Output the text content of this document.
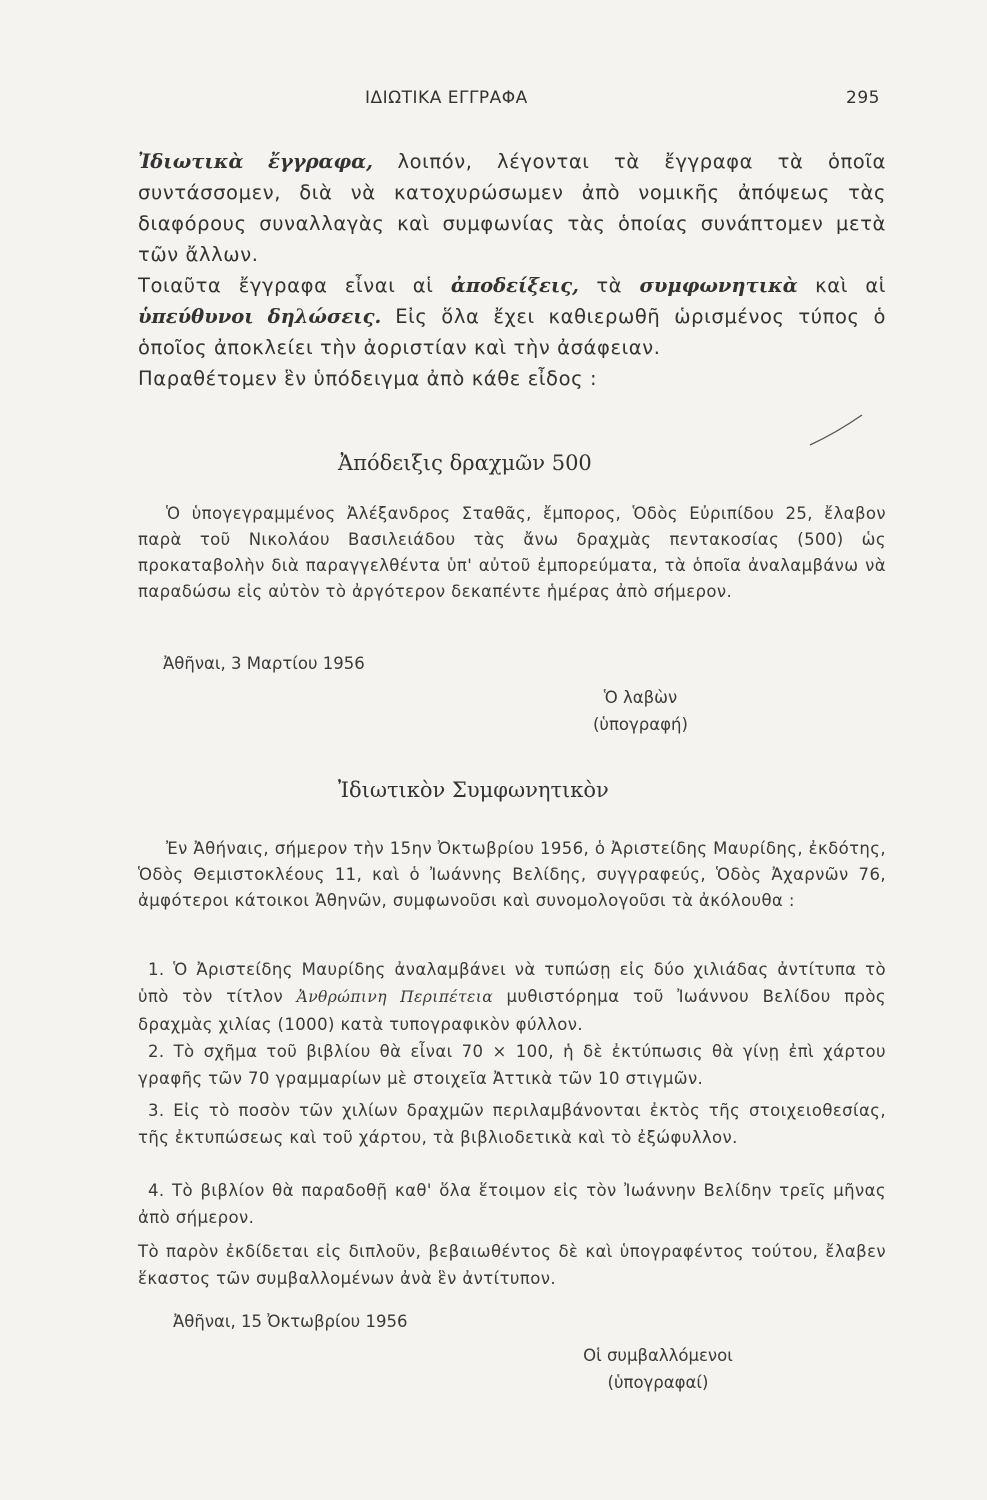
ΙΔΙΩΤΙΚΑ ΕΓΓΡΑΦΑ	295

Ἰδιωτικὰ ἔγγραφα, λοιπόν, λέγονται τὰ ἔγγραφα τὰ ὁποῖα συντάσσομεν, διὰ νὰ κατοχυρώσωμεν ἀπὸ νομικῆς ἀπόψεως τὰς διαφόρους συναλλαγὰς καὶ συμφωνίας τὰς ὁποίας συνάπτομεν μετὰ τῶν ἄλλων.

Τοιαῦτα ἔγγραφα εἶναι αἱ ἀποδείξεις, τὰ συμφωνητικὰ καὶ αἱ ὑπεύθυνοι δηλώσεις. Εἰς ὅλα ἔχει καθιερωθῆ ὡρισμένος τύπος ὁ ὁποῖος ἀποκλείει τὴν ἀοριστίαν καὶ τὴν ἀσάφειαν.

Παραθέτομεν ἓν ὑπόδειγμα ἀπὸ κάθε εἶδος :

Ἀπόδειξις δραχμῶν 500

Ὁ ὑπογεγραμμένος Ἀλέξανδρος Σταθᾶς, ἔμπορος, Ὁδὸς Εὐριπίδου 25, ἔλαβον παρὰ τοῦ Νικολάου Βασιλειάδου τὰς ἄνω δραχμὰς πεντακοσίας (500) ὡς προκαταβολὴν διὰ παραγγελθέντα ὑπ' αὐτοῦ ἐμπορεύματα, τὰ ὁποῖα ἀναλαμβάνω νὰ παραδώσω εἰς αὐτὸν τὸ ἀργότερον δεκαπέντε ἡμέρας ἀπὸ σήμερον.

Ἀθῆναι, 3 Μαρτίου 1956
Ὁ λαβὼν
(ὑπογραφή)
Ἰδιωτικὸν Συμφωνητικὸν

Ἐν Ἀθήναις, σήμερον τὴν 15ην Ὀκτωβρίου 1956, ὁ Ἀριστείδης Μαυρίδης, ἐκδότης, Ὁδὸς Θεμιστοκλέους 11, καὶ ὁ Ἰωάννης Βελίδης, συγγραφεύς, Ὁδὸς Ἀχαρνῶν 76, ἀμφότεροι κάτοικοι Ἀθηνῶν, συμφωνοῦσι καὶ συνομολογοῦσι τὰ ἀκόλουθα :

1. Ὁ Ἀριστείδης Μαυρίδης ἀναλαμβάνει νὰ τυπώσῃ εἰς δύο χιλιάδας ἀντίτυπα τὸ ὑπὸ τὸν τίτλον Ἀνθρώπινη Περιπέτεια μυθιστόρημα τοῦ Ἰωάννου Βελίδου πρὸς δραχμὰς χιλίας (1000) κατὰ τυπογραφικὸν φύλλον.

2. Τὸ σχῆμα τοῦ βιβλίου θὰ εἶναι 70 × 100, ἡ δὲ ἐκτύπωσις θὰ γίνῃ ἐπὶ χάρτου γραφῆς τῶν 70 γραμμαρίων μὲ στοιχεῖα Ἀττικὰ τῶν 10 στιγμῶν.

3. Εἰς τὸ ποσὸν τῶν χιλίων δραχμῶν περιλαμβάνονται ἐκτὸς τῆς στοιχειοθεσίας, τῆς ἐκτυπώσεως καὶ τοῦ χάρτου, τὰ βιβλιοδετικὰ καὶ τὸ ἐξώφυλλον.

4. Τὸ βιβλίον θὰ παραδοθῇ καθ' ὅλα ἕτοιμον εἰς τὸν Ἰωάννην Βελίδην τρεῖς μῆνας ἀπὸ σήμερον.

Τὸ παρὸν ἐκδίδεται εἰς διπλοῦν, βεβαιωθέντος δὲ καὶ ὑπογραφέντος τούτου, ἔλαβεν ἕκαστος τῶν συμβαλλομένων ἀνὰ ἓν ἀντίτυπον.

Ἀθῆναι, 15 Ὀκτωβρίου 1956
Οἱ συμβαλλόμενοι
(ὑπογραφαί)
